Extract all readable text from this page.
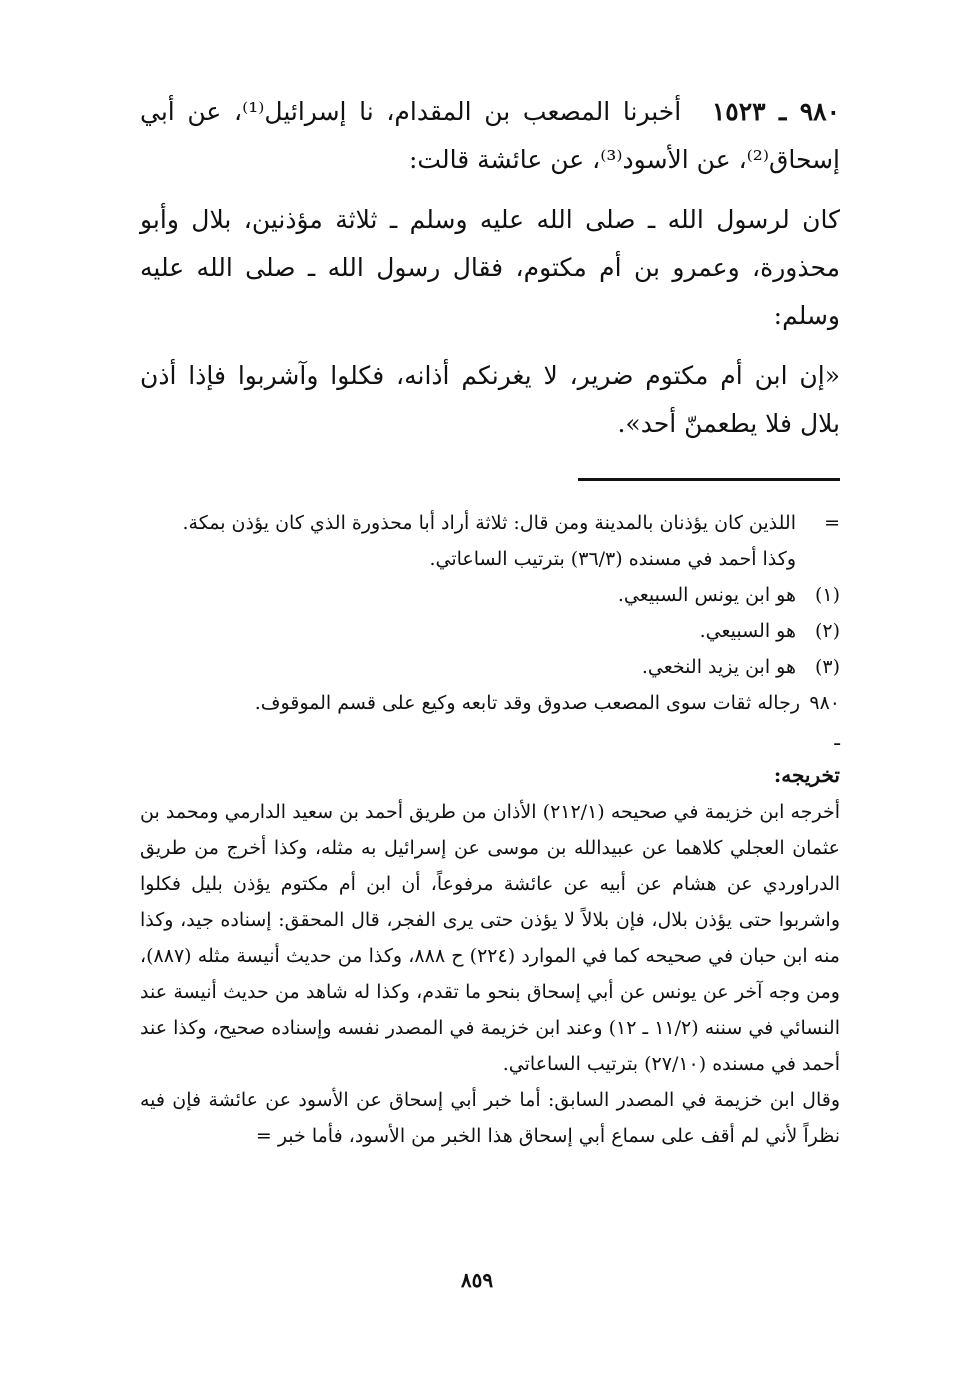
٩٨٠ ـ ١٥٢٣ أخبرنا المصعب بن المقدام، نا إسرائيل⁽¹⁾، عن أبي إسحاق⁽²⁾، عن الأسود⁽³⁾، عن عائشة قالت:

كان لرسول الله ـ صلى الله عليه وسلم ـ ثلاثة مؤذنين، بلال وأبو محذورة، وعمرو بن أم مكتوم، فقال رسول الله ـ صلى الله عليه وسلم:

«إن ابن أم مكتوم ضرير، لا يغرنكم أذانه، فكلوا وآشربوا فإذا أذن بلال فلا يطعمنّ أحد».

=
اللذين كان يؤذنان بالمدينة ومن قال: ثلاثة أراد أبا محذورة الذي كان يؤذن بمكة.

وكذا أحمد في مسنده (٣٦/٣) بترتيب الساعاتي.

(١)
هو ابن يونس السبيعي.
(٢)
هو السبيعي.
(٣)
هو ابن يزيد النخعي.
٩٨٠ ـ
رجاله ثقات سوى المصعب صدوق وقد تابعه وكيع على قسم الموقوف.

تخريجه:

أخرجه ابن خزيمة في صحيحه (٢١٢/١) الأذان من طريق أحمد بن سعيد الدارمي ومحمد بن عثمان العجلي كلاهما عن عبيدالله بن موسى عن إسرائيل به مثله، وكذا أخرج من طريق الدراوردي عن هشام عن أبيه عن عائشة مرفوعاً، أن ابن أم مكتوم يؤذن بليل فكلوا واشربوا حتى يؤذن بلال، فإن بلالاً لا يؤذن حتى يرى الفجر، قال المحقق: إسناده جيد، وكذا منه ابن حبان في صحيحه كما في الموارد (٢٢٤) ح ٨٨٨، وكذا من حديث أنيسة مثله (٨٨٧)، ومن وجه آخر عن يونس عن أبي إسحاق بنحو ما تقدم، وكذا له شاهد من حديث أنيسة عند النسائي في سننه (١١/٢ ـ ١٢) وعند ابن خزيمة في المصدر نفسه وإسناده صحيح، وكذا عند أحمد في مسنده (٢٧/١٠) بترتيب الساعاتي.

وقال ابن خزيمة في المصدر السابق: أما خبر أبي إسحاق عن الأسود عن عائشة فإن فيه نظراً لأني لم أقف على سماع أبي إسحاق هذا الخبر من الأسود، فأما خبر =

٨٥٩
